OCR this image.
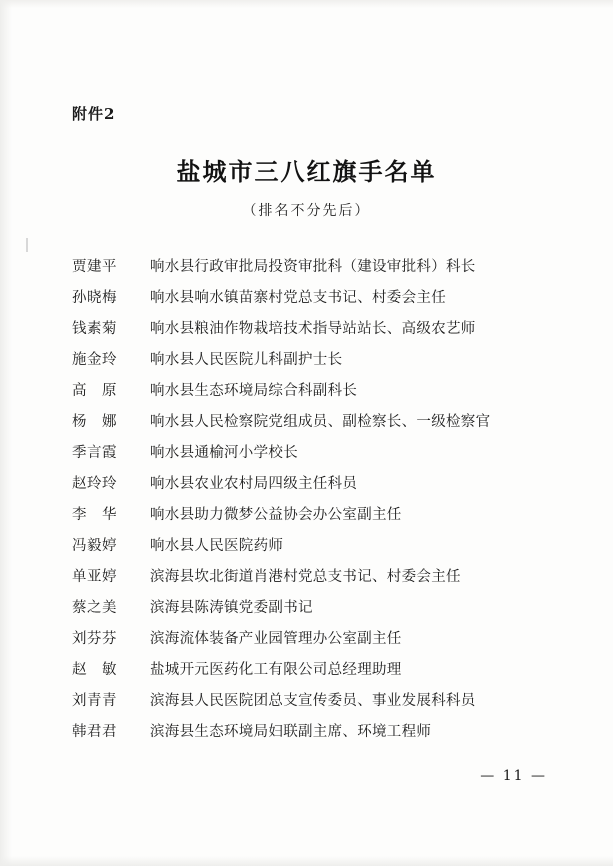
附件2
盐城市三八红旗手名单
（排名不分先后）
贾建平	响水县行政审批局投资审批科（建设审批科）科长
孙晓梅	响水县响水镇苗寨村党总支书记、村委会主任
钱素菊	响水县粮油作物栽培技术指导站站长、高级农艺师
施金玲	响水县人民医院儿科副护士长
高　原	响水县生态环境局综合科副科长
杨　娜	响水县人民检察院党组成员、副检察长、一级检察官
季言霞	响水县通榆河小学校长
赵玲玲	响水县农业农村局四级主任科员
李　华	响水县助力微梦公益协会办公室副主任
冯毅婷	响水县人民医院药师
单亚婷	滨海县坎北街道肖港村党总支书记、村委会主任
蔡之美	滨海县陈涛镇党委副书记
刘芬芬	滨海流体装备产业园管理办公室副主任
赵　敏	盐城开元医药化工有限公司总经理助理
刘青青	滨海县人民医院团总支宣传委员、事业发展科科员
韩君君	滨海县生态环境局妇联副主席、环境工程师
— 11 —
